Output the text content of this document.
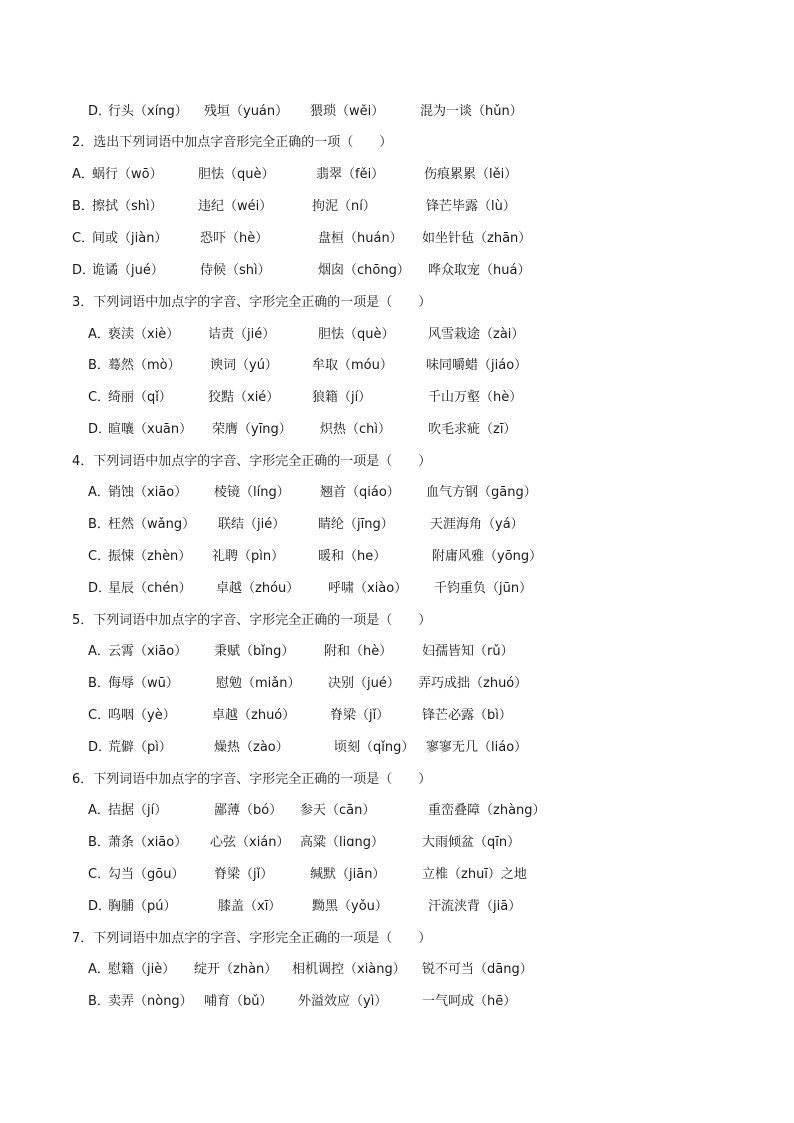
D．
行头（xíng） 残垣（yuán） 猥琐（wěi）	混为一谈（hǔn）
2．选出下列词语中加点字音形完全正确的一项（　　）
A．
蜗行（wō）	胆怯（què）	翡翠（fěi）	伤痕累累（lěi）
B．
擦拭（shì）	违纪（wéi）	拘泥（ní）	锋芒毕露（lù）
C．
间或（jiàn）	恐吓（hè）	盘桓（huán） 如坐针毡（zhān）
D．
诡谲（jué）	侍候（shì）	烟囱（chōng） 哗众取宠（huá）
3．下列词语中加点字的字音、字形完全正确的一项是（　　）
A．
亵渎（xiè） 诘责（jié）	胆怯（què）	风雪栽途（zài）
B．
蓦然（mò） 谀词（yú）	牟取（móu）	味同嚼蜡（jiáo）
C．
绮丽（qǐ）	狡黠（xié）	狼籍（jí）	千山万壑（hè）
D．
暄嚷（xuān） 荣膺（yīng） 炽热（chì）	吹毛求疵（zī）
4．下列词语中加点字的字音、字形完全正确的一项是（　　）
A．
销蚀（xiāo） 棱镜（líng） 翘首（qiáo） 血气方钢（gāng）
B．
枉然（wǎng） 联结（jié）	睛纶（jīng）	天涯海角（yá）
C．
振悚（zhèn） 礼聘（pìn）	暖和（he）	附庸风雅（yōng）
D．
星辰（chén） 卓越（zhóu） 呼啸（xiào） 千钧重负（jūn）
5．下列词语中加点字的字音、字形完全正确的一项是（　　）
A．
云霄（xiāo） 秉赋（bǐng） 附和（hè） 妇孺皆知（rǔ）
B．
侮辱（wū）	慰勉（miǎn） 决别（jué） 弄巧成拙（zhuó）
C．
呜咽（yè）	卓越（zhuó）	脊梁（jǐ）	锋芒必露（bì）
D．
荒僻（pì）	燥热（zào）	顷刻（qǐng） 寥寥无几（liáo）
6．下列词语中加点字的字音、字形完全正确的一项是（　　）
A．
拮据（jí）	鄙薄（bó） 参天（cān）	重峦叠障（zhàng）
B．
萧条（xiāo） 心弦（xián） 高粱（liɑng）	大雨倾盆（qīn）
C．
勾当（gōu） 脊梁（jǐ）	缄默（jiān）	立椎（zhuī）之地
D．
胸脯（pú）	膝盖（xī） 黝黑（yǒu）	汗流浃背（jiā）
7．下列词语中加点字的字音、字形完全正确的一项是（　　）
A．
慰籍（jiè） 绽开（zhàn） 相机调控（xiàng） 锐不可当（dāng）
B．
卖弄（nòng） 哺育（bǔ） 外溢效应（yì）	一气呵成（hē）
